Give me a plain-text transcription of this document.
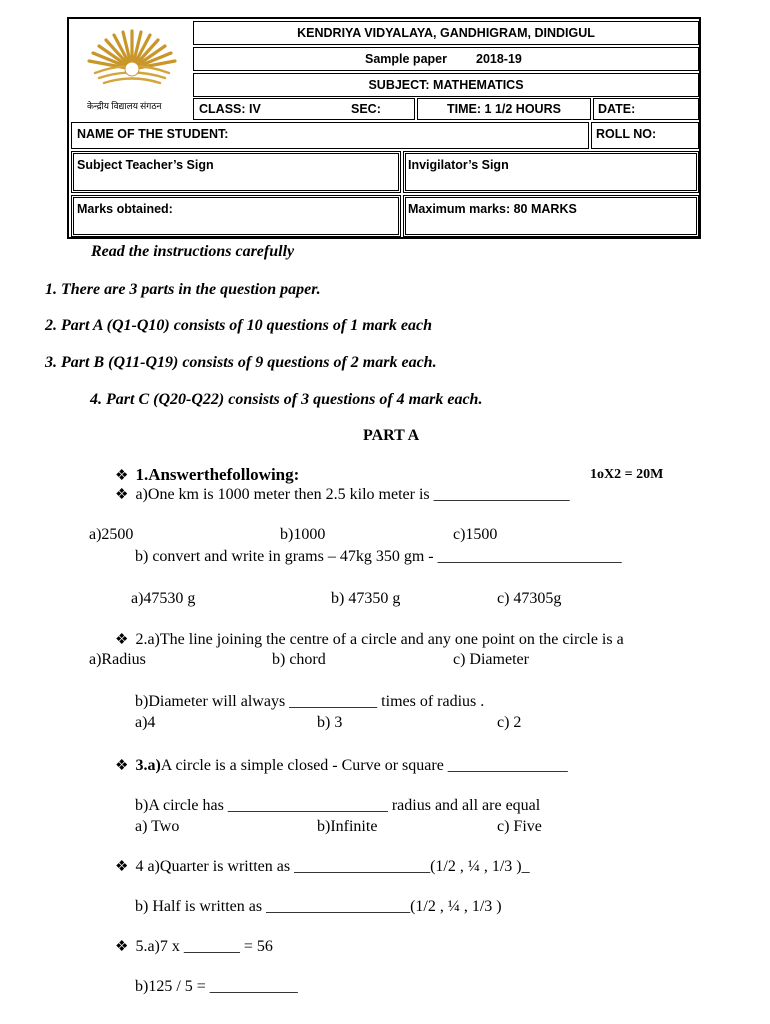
केन्द्रीय विद्यालय संगठन
KENDRIYA VIDYALAYA, GANDHIGRAM, DINDIGUL
Sample paper 2018-19
SUBJECT: MATHEMATICS
CLASS: IV	SEC:	TIME: 1 1/2 HOURS	DATE:
NAME OF THE STUDENT:	ROLL NO:
Subject Teacher’s Sign	Invigilator’s Sign
Marks obtained:	Maximum marks: 80 MARKS
Read the instructions carefully
1. There are 3 parts in the question paper.
2. Part A (Q1-Q10) consists of 10 questions of 1 mark each
3. Part B (Q11-Q19) consists of 9 questions of 2 mark each.
4. Part C (Q20-Q22) consists of 3 questions of 4 mark each.
PART A
❖ 1.Answerthefollowing:	1oX2 = 20M
❖ a)One km is 1000 meter then 2.5 kilo meter is _________________
a)2500	b)1000	c)1500
b) convert and write in grams – 47kg 350 gm - _______________________
a)47530 g	b) 47350 g	c) 47305g
❖ 2.a)The line joining the centre of a circle and any one point on the circle is a
a)Radius	b) chord	c) Diameter
b)Diameter will always ___________ times of radius .
a)4	b) 3	c) 2
❖ 3.a)A circle is a simple closed - Curve or square _______________
b)A circle has ____________________ radius and all are equal
a) Two	b)Infinite	c) Five
❖ 4 a)Quarter is written as _________________(1/2 , ¼ , 1/3 )_
b) Half is written as __________________(1/2 , ¼ , 1/3 )
❖ 5.a)7 x _______ = 56
b)125 / 5 = ___________
